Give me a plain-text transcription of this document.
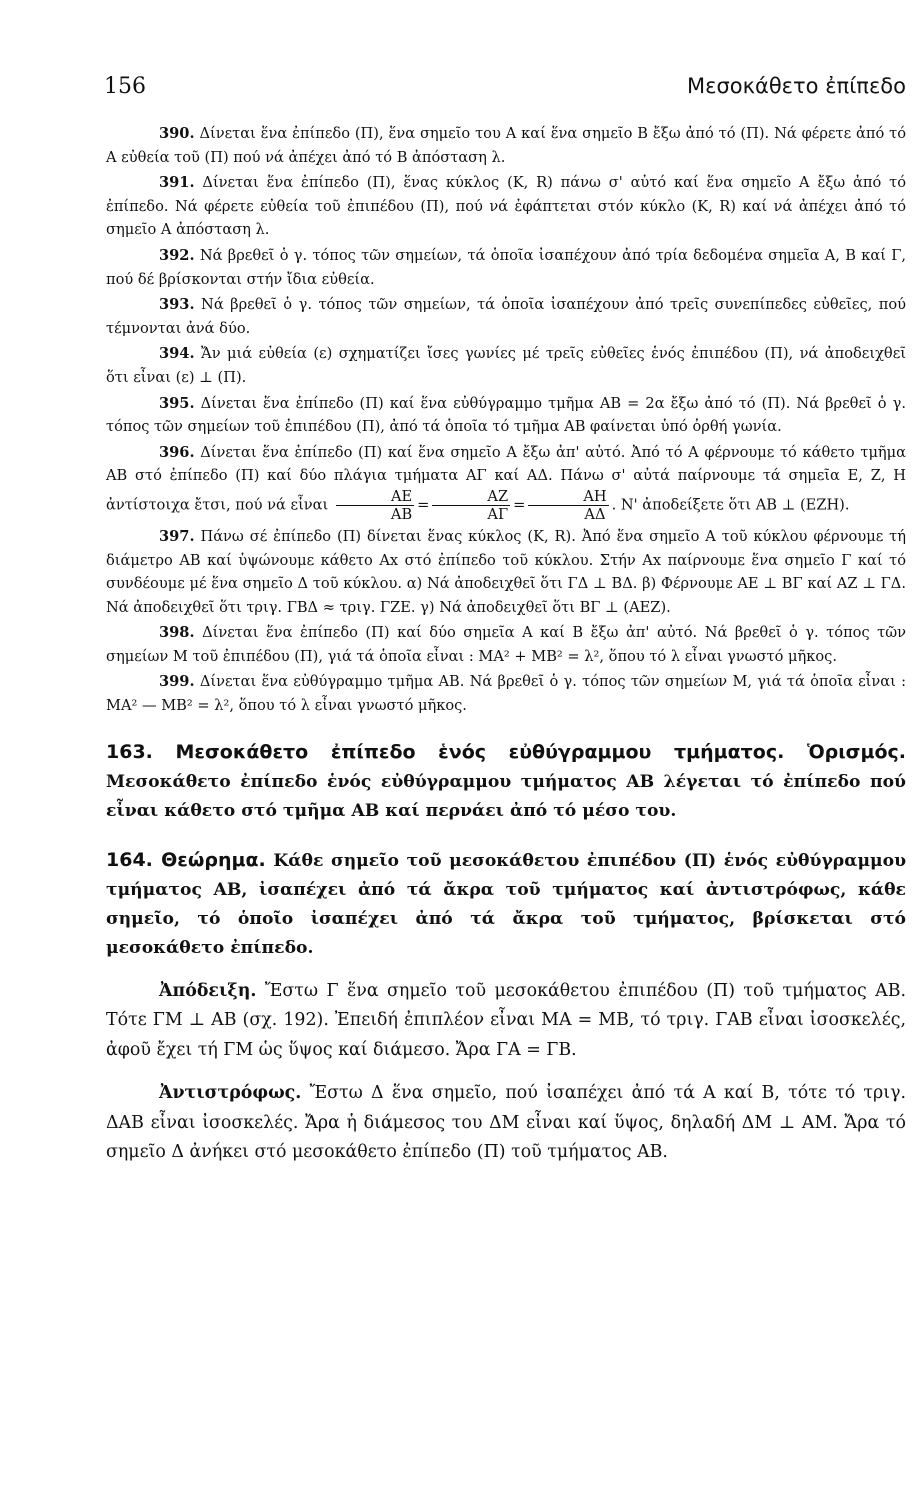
156	Μεσοκάθετο ἐπίπεδο

390. Δίνεται ἕνα ἐπίπεδο (Π), ἕνα σημεῖο του Α καί ἕνα σημεῖο Β ἔξω ἀπό τό (Π). Νά φέρετε ἀπό τό Α εὐθεία τοῦ (Π) πού νά ἀπέχει ἀπό τό Β ἀπόσταση λ.

391. Δίνεται ἕνα ἐπίπεδο (Π), ἕνας κύκλος (Κ, R) πάνω σ' αὐτό καί ἕνα σημεῖο Α ἔξω ἀπό τό ἐπίπεδο. Νά φέρετε εὐθεία τοῦ ἐπιπέδου (Π), πού νά ἐφάπτεται στόν κύκλο (Κ, R) καί νά ἀπέχει ἀπό τό σημεῖο Α ἀπόσταση λ.

392. Νά βρεθεῖ ὁ γ. τόπος τῶν σημείων, τά ὁποῖα ἰσαπέχουν ἀπό τρία δεδομένα σημεῖα Α, Β καί Γ, πού δέ βρίσκονται στήν ἴδια εὐθεία.

393. Νά βρεθεῖ ὁ γ. τόπος τῶν σημείων, τά ὁποῖα ἰσαπέχουν ἀπό τρεῖς συνεπίπεδες εὐθεῖες, πού τέμνονται ἀνά δύο.

394. Ἄν μιά εὐθεία (ε) σχηματίζει ἴσες γωνίες μέ τρεῖς εὐθεῖες ἑνός ἐπιπέδου (Π), νά ἀποδειχθεῖ ὅτι εἶναι (ε) ⊥ (Π).

395. Δίνεται ἕνα ἐπίπεδο (Π) καί ἕνα εὐθύγραμμο τμῆμα ΑΒ = 2α ἔξω ἀπό τό (Π). Νά βρεθεῖ ὁ γ. τόπος τῶν σημείων τοῦ ἐπιπέδου (Π), ἀπό τά ὁποῖα τό τμῆμα ΑΒ φαίνεται ὑπό ὀρθή γωνία.

396. Δίνεται ἕνα ἐπίπεδο (Π) καί ἕνα σημεῖο Α ἔξω ἀπ' αὐτό. Ἀπό τό Α φέρνουμε τό κάθετο τμῆμα ΑΒ στό ἐπίπεδο (Π) καί δύο πλάγια τμήματα ΑΓ καί ΑΔ. Πάνω σ' αὐτά παίρνουμε τά σημεῖα Ε, Ζ, Η ἀντίστοιχα ἔτσι, πού νά εἶναι $\frac{AE}{AB} = \frac{AZ}{A\Gamma} = \frac{AH}{A\Delta}$ . Ν' ἀποδείξετε ὅτι ΑΒ ⊥ (ΕΖΗ).

397. Πάνω σέ ἐπίπεδο (Π) δίνεται ἕνας κύκλος (Κ, R). Ἀπό ἕνα σημεῖο Α τοῦ κύκλου φέρνουμε τή διάμετρο ΑΒ καί ὑψώνουμε κάθετο Αx στό ἐπίπεδο τοῦ κύκλου. Στήν Αx παίρνουμε ἕνα σημεῖο Γ καί τό συνδέουμε μέ ἕνα σημεῖο Δ τοῦ κύκλου. α) Νά ἀποδειχθεῖ ὅτι ΓΔ ⊥ ΒΔ. β) Φέρνουμε ΑΕ ⊥ ΒΓ καί ΑΖ ⊥ ΓΔ. Νά ἀποδειχθεῖ ὅτι τριγ. ΓΒΔ ≈ τριγ. ΓΖΕ. γ) Νά ἀποδειχθεῖ ὅτι ΒΓ ⊥ (ΑΕΖ).

398. Δίνεται ἕνα ἐπίπεδο (Π) καί δύο σημεῖα Α καί Β ἔξω ἀπ' αὐτό. Νά βρεθεῖ ὁ γ. τόπος τῶν σημείων Μ τοῦ ἐπιπέδου (Π), γιά τά ὁποῖα εἶναι : ΜΑ² + ΜΒ² = λ², ὅπου τό λ εἶναι γνωστό μῆκος.

399. Δίνεται ἕνα εὐθύγραμμο τμῆμα ΑΒ. Νά βρεθεῖ ὁ γ. τόπος τῶν σημείων Μ, γιά τά ὁποῖα εἶναι : ΜΑ² — ΜΒ² = λ², ὅπου τό λ εἶναι γνωστό μῆκος.

163. Μεσοκάθετο ἐπίπεδο ἑνός εὐθύγραμμου τμήματος. Ὁρισμός. Μεσοκάθετο ἐπίπεδο ἑνός εὐθύγραμμου τμήματος ΑΒ λέγεται τό ἐπίπεδο πού εἶναι κάθετο στό τμῆμα ΑΒ καί περνάει ἀπό τό μέσο του.
164. Θεώρημα. Κάθε σημεῖο τοῦ μεσοκάθετου ἐπιπέδου (Π) ἑνός εὐθύγραμμου τμήματος ΑΒ, ἰσαπέχει ἀπό τά ἄκρα τοῦ τμήματος καί ἀντιστρόφως, κάθε σημεῖο, τό ὁποῖο ἰσαπέχει ἀπό τά ἄκρα τοῦ τμήματος, βρίσκεται στό μεσοκάθετο ἐπίπεδο.

Ἀπόδειξη. Ἔστω Γ ἕνα σημεῖο τοῦ μεσοκάθετου ἐπιπέδου (Π) τοῦ τμήματος ΑΒ. Τότε ΓΜ ⊥ ΑΒ (σχ. 192). Ἐπειδή ἐπιπλέον εἶναι ΜΑ = ΜΒ, τό τριγ. ΓΑΒ εἶναι ἰσοσκελές, ἀφοῦ ἔχει τή ΓΜ ὡς ὕψος καί διάμεσο. Ἄρα ΓΑ = ΓΒ.

Ἀντιστρόφως. Ἔστω Δ ἕνα σημεῖο, πού ἰσαπέχει ἀπό τά Α καί Β, τότε τό τριγ. ΔΑΒ εἶναι ἰσοσκελές. Ἄρα ἡ διάμεσος του ΔΜ εἶναι καί ὕψος, δηλαδή ΔΜ ⊥ ΑΜ. Ἄρα τό σημεῖο Δ ἀνήκει στό μεσοκάθετο ἐπίπεδο (Π) τοῦ τμήματος ΑΒ.
